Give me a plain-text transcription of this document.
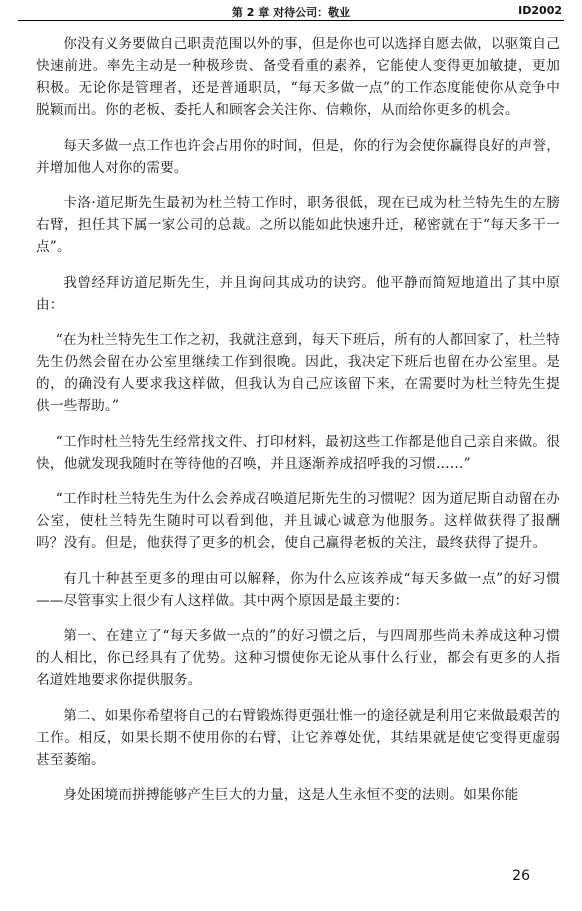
第 2 章 对待公司：敬业	ID2002

你没有义务要做自己职责范围以外的事，但是你也可以选择自愿去做，以驱策自己快速前进。率先主动是一种极珍贵、备受看重的素养，它能使人变得更加敏捷，更加积极。无论你是管理者，还是普通职员，“每天多做一点”的工作态度能使你从竞争中脱颖而出。你的老板、委托人和顾客会关注你、信赖你，从而给你更多的机会。

每天多做一点工作也许会占用你的时间，但是，你的行为会使你赢得良好的声誉，并增加他人对你的需要。

卡洛·道尼斯先生最初为杜兰特工作时，职务很低，现在已成为杜兰特先生的左膀右臂，担任其下属一家公司的总裁。之所以能如此快速升迁，秘密就在于“每天多干一点”。

我曾经拜访道尼斯先生，并且询问其成功的诀窍。他平静而简短地道出了其中原由：

“在为杜兰特先生工作之初，我就注意到，每天下班后，所有的人都回家了，杜兰特先生仍然会留在办公室里继续工作到很晚。因此，我决定下班后也留在办公室里。是的，的确没有人要求我这样做，但我认为自己应该留下来，在需要时为杜兰特先生提供一些帮助。”

“工作时杜兰特先生经常找文件、打印材料，最初这些工作都是他自己亲自来做。很快，他就发现我随时在等待他的召唤，并且逐渐养成招呼我的习惯……”

“工作时杜兰特先生为什么会养成召唤道尼斯先生的习惯呢？因为道尼斯自动留在办公室，使杜兰特先生随时可以看到他，并且诚心诚意为他服务。这样做获得了报酬吗？没有。但是，他获得了更多的机会，使自己赢得老板的关注，最终获得了提升。

有几十种甚至更多的理由可以解释，你为什么应该养成“每天多做一点”的好习惯——尽管事实上很少有人这样做。其中两个原因是最主要的：

第一、在建立了“每天多做一点的”的好习惯之后，与四周那些尚未养成这种习惯的人相比，你已经具有了优势。这种习惯使你无论从事什么行业，都会有更多的人指名道姓地要求你提供服务。

第二、如果你希望将自己的右臂锻炼得更强壮惟一的途径就是利用它来做最艰苦的工作。相反，如果长期不使用你的右臂，让它养尊处优，其结果就是使它变得更虚弱甚至萎缩。

身处困境而拼搏能够产生巨大的力量，这是人生永恒不变的法则。如果你能

26
